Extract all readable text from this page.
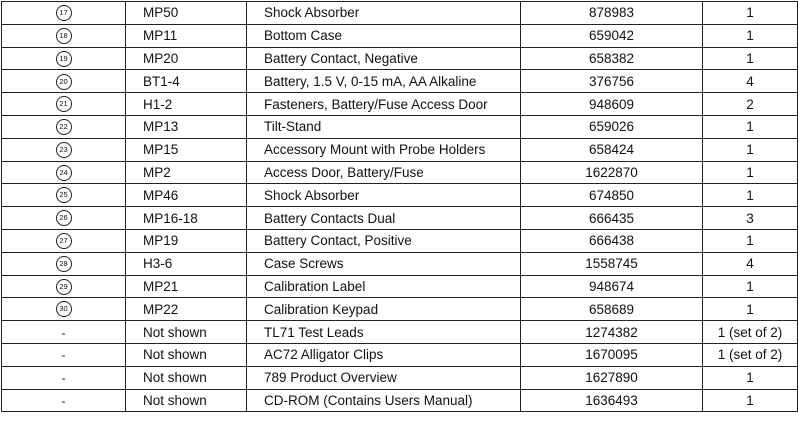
17	MP50	Shock Absorber	878983	1
18	MP11	Bottom Case	659042	1
19	MP20	Battery Contact, Negative	658382	1
20	BT1-4	Battery, 1.5 V, 0-15 mA, AA Alkaline	376756	4
21	H1-2	Fasteners, Battery/Fuse Access Door	948609	2
22	MP13	Tilt-Stand	659026	1
23	MP15	Accessory Mount with Probe Holders	658424	1
24	MP2	Access Door, Battery/Fuse	1622870	1
25	MP46	Shock Absorber	674850	1
26	MP16-18	Battery Contacts Dual	666435	3
27	MP19	Battery Contact, Positive	666438	1
28	H3-6	Case Screws	1558745	4
29	MP21	Calibration Label	948674	1
30	MP22	Calibration Keypad	658689	1
-	Not shown	TL71 Test Leads	1274382	1 (set of 2)
-	Not shown	AC72 Alligator Clips	1670095	1 (set of 2)
-	Not shown	789 Product Overview	1627890	1
-	Not shown	CD-ROM (Contains Users Manual)	1636493	1
